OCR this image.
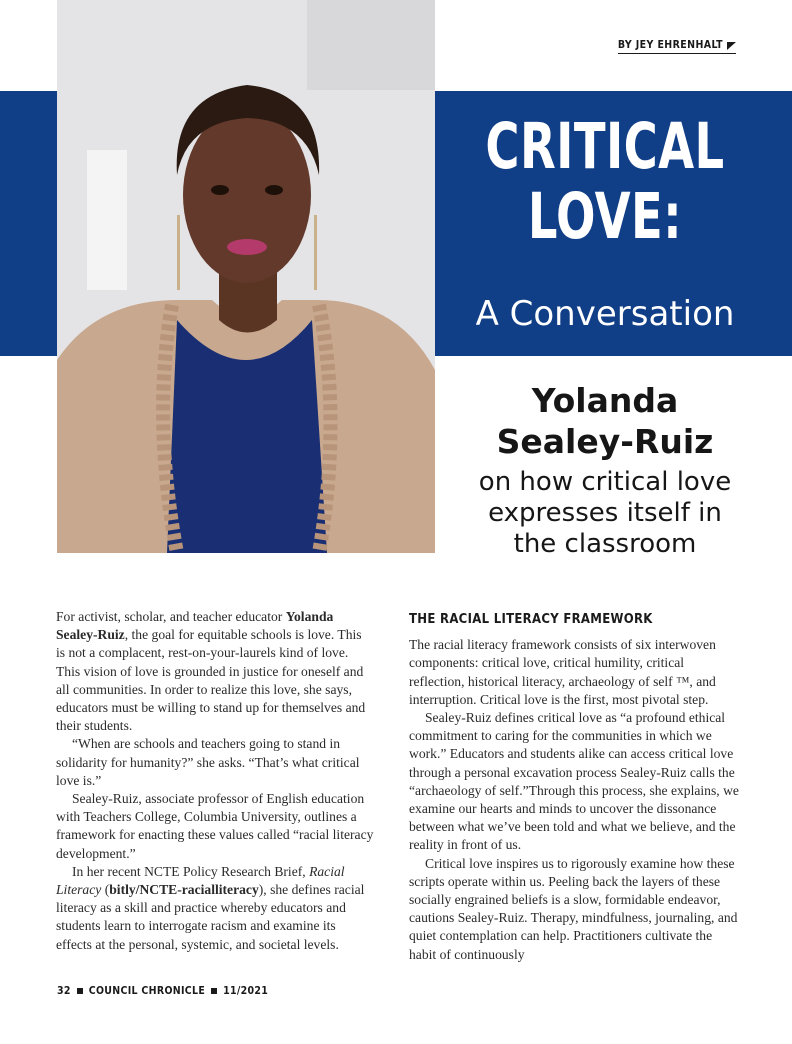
BY JEY EHRENHALT
CRITICAL
LOVE:
A Conversation
Yolanda
Sealey-Ruiz
on how critical love
expresses itself in
the classroom

For activist, scholar, and teacher educator Yolanda Sealey-Ruiz, the goal for equitable schools is love. This is not a complacent, rest-on-your-laurels kind of love. This vision of love is grounded in justice for oneself and all communities. In order to realize this love, she says, educators must be willing to stand up for themselves and their students.

“When are schools and teachers going to stand in solidarity for humanity?” she asks. “That’s what critical love is.”

Sealey-Ruiz, associate professor of English education with Teachers College, Columbia University, outlines a framework for enacting these values called “racial literacy development.”

In her recent NCTE Policy Research Brief, Racial Literacy (bitly/NCTE-racialliteracy), she defines racial literacy as a skill and practice whereby educators and students learn to interrogate racism and examine its effects at the personal, systemic, and societal levels.

THE RACIAL LITERACY FRAMEWORK

The racial literacy framework consists of six interwoven components: critical love, critical humility, critical reflection, historical literacy, archaeology of self ™, and interruption. Critical love is the first, most pivotal step.

Sealey-Ruiz defines critical love as “a profound ethical commitment to caring for the communities in which we work.” Educators and students alike can access critical love through a personal excavation process Sealey-Ruiz calls the “archaeology of self.”Through this process, she explains, we examine our hearts and minds to uncover the dissonance between what we’ve been told and what we believe, and the reality in front of us.

Critical love inspires us to rigorously examine how these scripts operate within us. Peeling back the layers of these socially engrained beliefs is a slow, formidable endeavor, cautions Sealey-Ruiz. Therapy, mindfulness, journaling, and quiet contemplation can help. Practitioners cultivate the habit of continuously

32 COUNCIL CHRONICLE 11/2021
